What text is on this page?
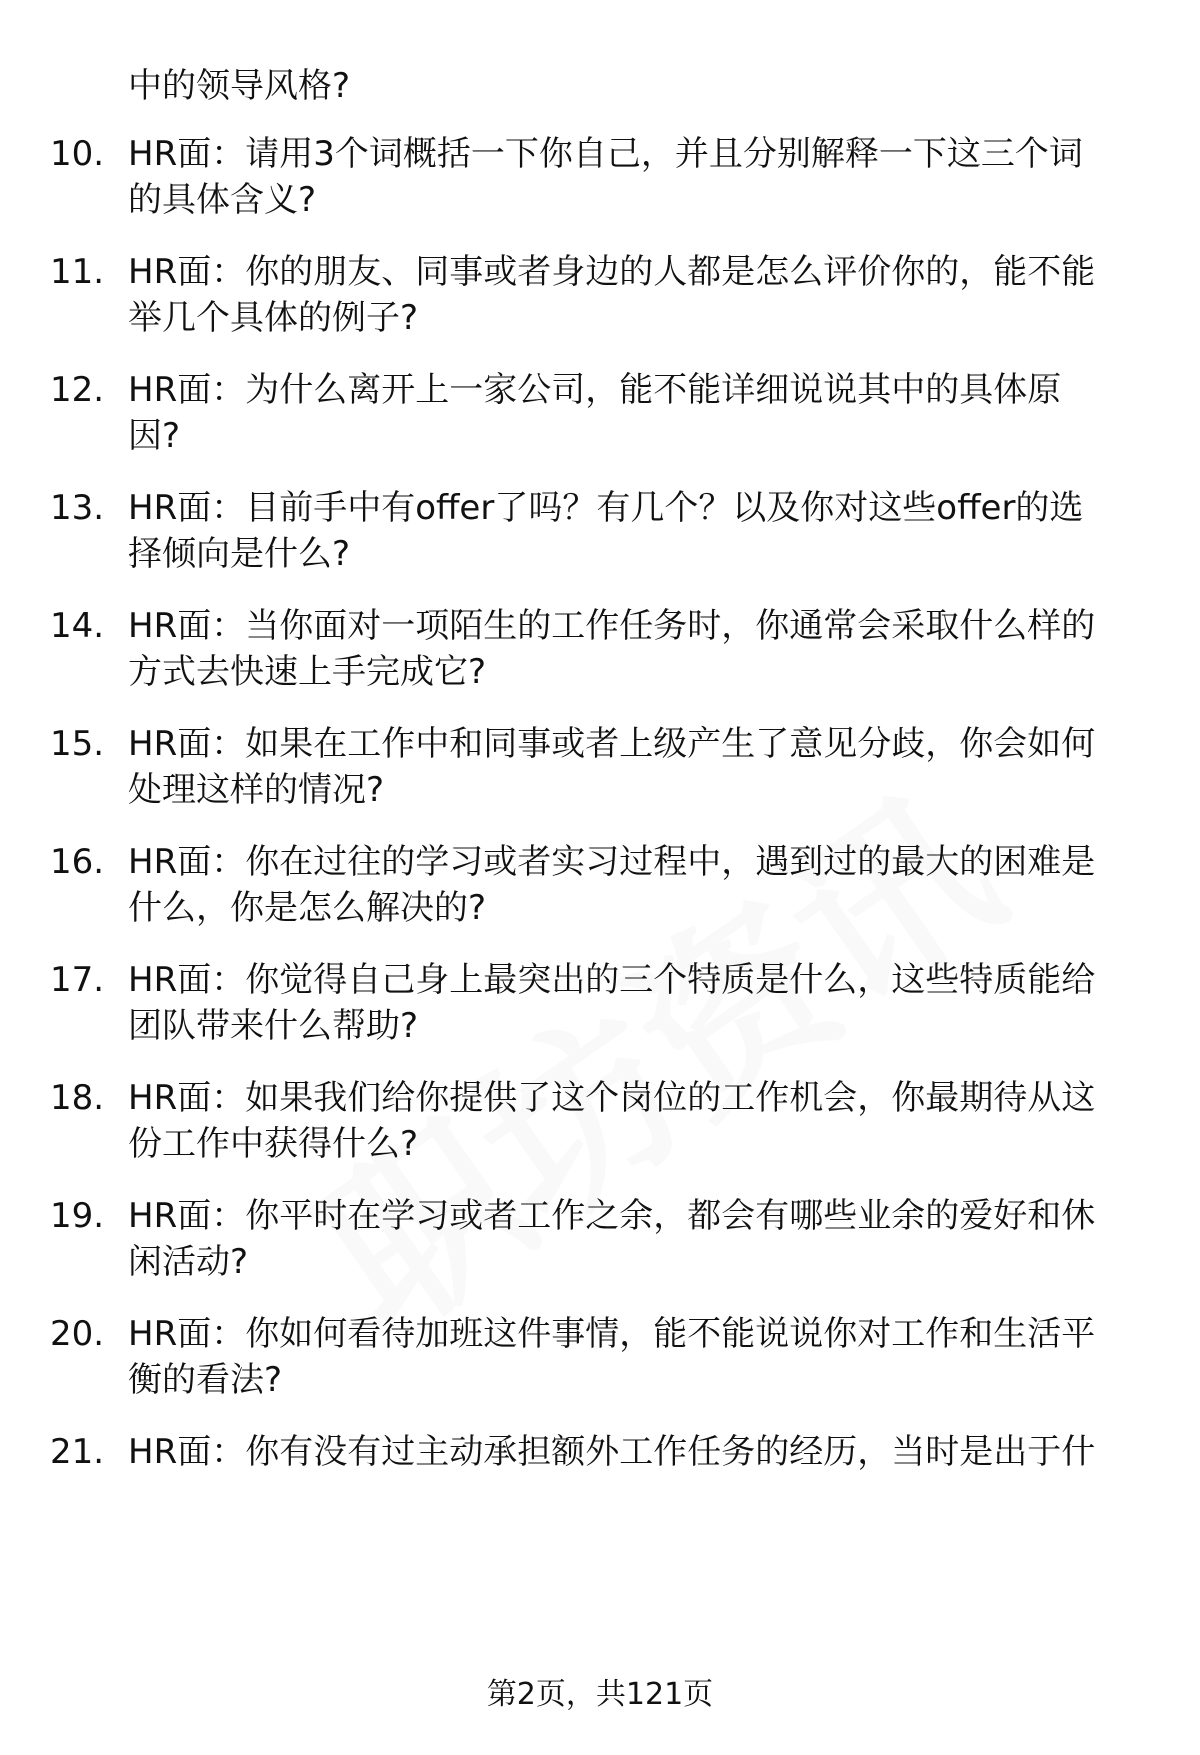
中的领导风格?
10. HR面：请用3个词概括一下你自己，并且分别解释一下这三个词
的具体含义?
11. HR面：你的朋友、同事或者身边的人都是怎么评价你的，能不能
举几个具体的例子?
12. HR面：为什么离开上一家公司，能不能详细说说其中的具体原
因?
13. HR面：目前手中有offer了吗？有几个？以及你对这些offer的选
择倾向是什么?
14. HR面：当你面对一项陌生的工作任务时，你通常会采取什么样的
方式去快速上手完成它?
15. HR面：如果在工作中和同事或者上级产生了意见分歧，你会如何
处理这样的情况?
16. HR面：你在过往的学习或者实习过程中，遇到过的最大的困难是
什么，你是怎么解决的?
17. HR面：你觉得自己身上最突出的三个特质是什么，这些特质能给
团队带来什么帮助?
18. HR面：如果我们给你提供了这个岗位的工作机会，你最期待从这
份工作中获得什么?
19. HR面：你平时在学习或者工作之余，都会有哪些业余的爱好和休
闲活动?
20. HR面：你如何看待加班这件事情，能不能说说你对工作和生活平
衡的看法?
21. HR面：你有没有过主动承担额外工作任务的经历，当时是出于什
第2页，共121页
